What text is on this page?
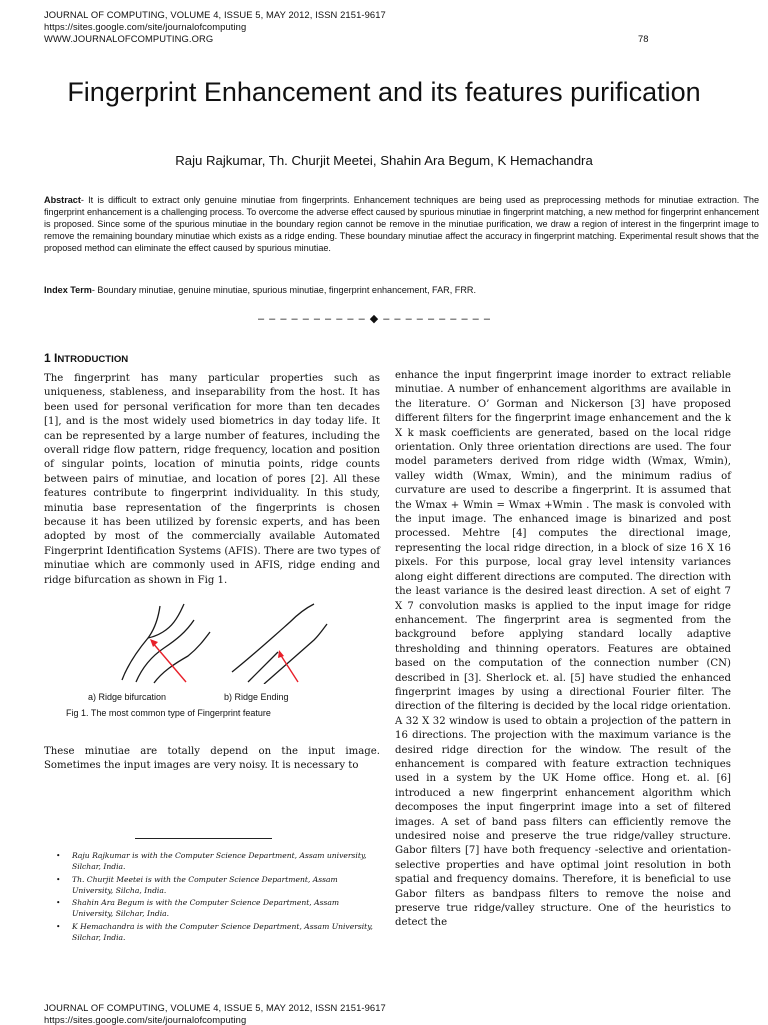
JOURNAL OF COMPUTING, VOLUME 4, ISSUE 5, MAY 2012, ISSN 2151-9617
https://sites.google.com/site/journalofcomputing
WWW.JOURNALOFCOMPUTING.ORG	78
Fingerprint Enhancement and its features purification
Raju Rajkumar, Th. Churjit Meetei, Shahin Ara Begum, K Hemachandra

Abstract- It is difficult to extract only genuine minutiae from fingerprints. Enhancement techniques are being used as preprocessing methods for minutiae extraction. The fingerprint enhancement is a challenging process. To overcome the adverse effect caused by spurious minutiae in fingerprint matching, a new method for fingerprint enhancement is proposed. Since some of the spurious minutiae in the boundary region cannot be remove in the minutiae purification, we draw a region of interest in the fingerprint image to remove the remaining boundary minutiae which exists as a ridge ending. These boundary minutiae affect the accuracy in fingerprint matching. Experimental result shows that the proposed method can eliminate the effect caused by spurious minutiae.

Index Term- Boundary minutiae, genuine minutiae, spurious minutiae, fingerprint enhancement, FAR, FRR.

– – – – – – – – – – ◆ – – – – – – – – – –
1 INTRODUCTION

The fingerprint has many particular properties such as uniqueness, stableness, and inseparability from the host. It has been used for personal verification for more than ten decades [1], and is the most widely used biometrics in day today life. It can be represented by a large number of features, including the overall ridge flow pattern, ridge frequency, location and position of singular points, location of minutia points, ridge counts between pairs of minutiae, and location of pores [2]. All these features contribute to fingerprint individuality. In this study, minutia base representation of the fingerprints is chosen because it has been utilized by forensic experts, and has been adopted by most of the commercially available Automated Fingerprint Identification Systems (AFIS). There are two types of minutiae which are commonly used in AFIS, ridge ending and ridge bifurcation as shown in Fig 1.

a) Ridge bifurcation	b) Ridge Ending
Fig 1. The most common type of Fingerprint feature

These minutiae are totally depend on the input image. Sometimes the input images are very noisy. It is necessary to

enhance the input fingerprint image inorder to extract reliable minutiae. A number of enhancement algorithms are available in the literature. O’ Gorman and Nickerson [3] have proposed different filters for the fingerprint image enhancement and the k X k mask coefficients are generated, based on the local ridge orientation. Only three orientation directions are used. The four model parameters derived from ridge width (Wmax, Wmin), valley width (Wmax, Wmin), and the minimum radius of curvature are used to describe a fingerprint. It is assumed that the Wmax + Wmin = Wmax +Wmin . The mask is convoled with the input image. The enhanced image is binarized and post processed. Mehtre [4] computes the directional image, representing the local ridge direction, in a block of size 16 X 16 pixels. For this purpose, local gray level intensity variances along eight different directions are computed. The direction with the least variance is the desired least direction. A set of eight 7 X 7 convolution masks is applied to the input image for ridge enhancement. The fingerprint area is segmented from the background before applying standard locally adaptive thresholding and thinning operators. Features are obtained based on the computation of the connection number (CN) described in [3]. Sherlock et. al. [5] have studied the enhanced fingerprint images by using a directional Fourier filter. The direction of the filtering is decided by the local ridge orientation. A 32 X 32 window is used to obtain a projection of the pattern in 16 directions. The projection with the maximum variance is the desired ridge direction for the window. The result of the enhancement is compared with feature extraction techniques used in a system by the UK Home office. Hong et. al. [6] introduced a new fingerprint enhancement algorithm which decomposes the input fingerprint image into a set of filtered images. A set of band pass filters can efficiently remove the undesired noise and preserve the true ridge/valley structure. Gabor filters [7] have both frequency -selective and orientation-selective properties and have optimal joint resolution in both spatial and frequency domains. Therefore, it is beneficial to use Gabor filters as bandpass filters to remove the noise and preserve true ridge/valley structure. One of the heuristics to detect the

• Raju Rajkumar is with the Computer Science Department, Assam university, Silchar, India.
• Th. Churjit Meetei is with the Computer Science Department, Assam University, Silcha, India.
• Shahin Ara Begum is with the Computer Science Department, Assam University, Silchar, India.
• K Hemachandra is with the Computer Science Department, Assam University, Silchar, India.
JOURNAL OF COMPUTING, VOLUME 4, ISSUE 5, MAY 2012, ISSN 2151-9617
https://sites.google.com/site/journalofcomputing
